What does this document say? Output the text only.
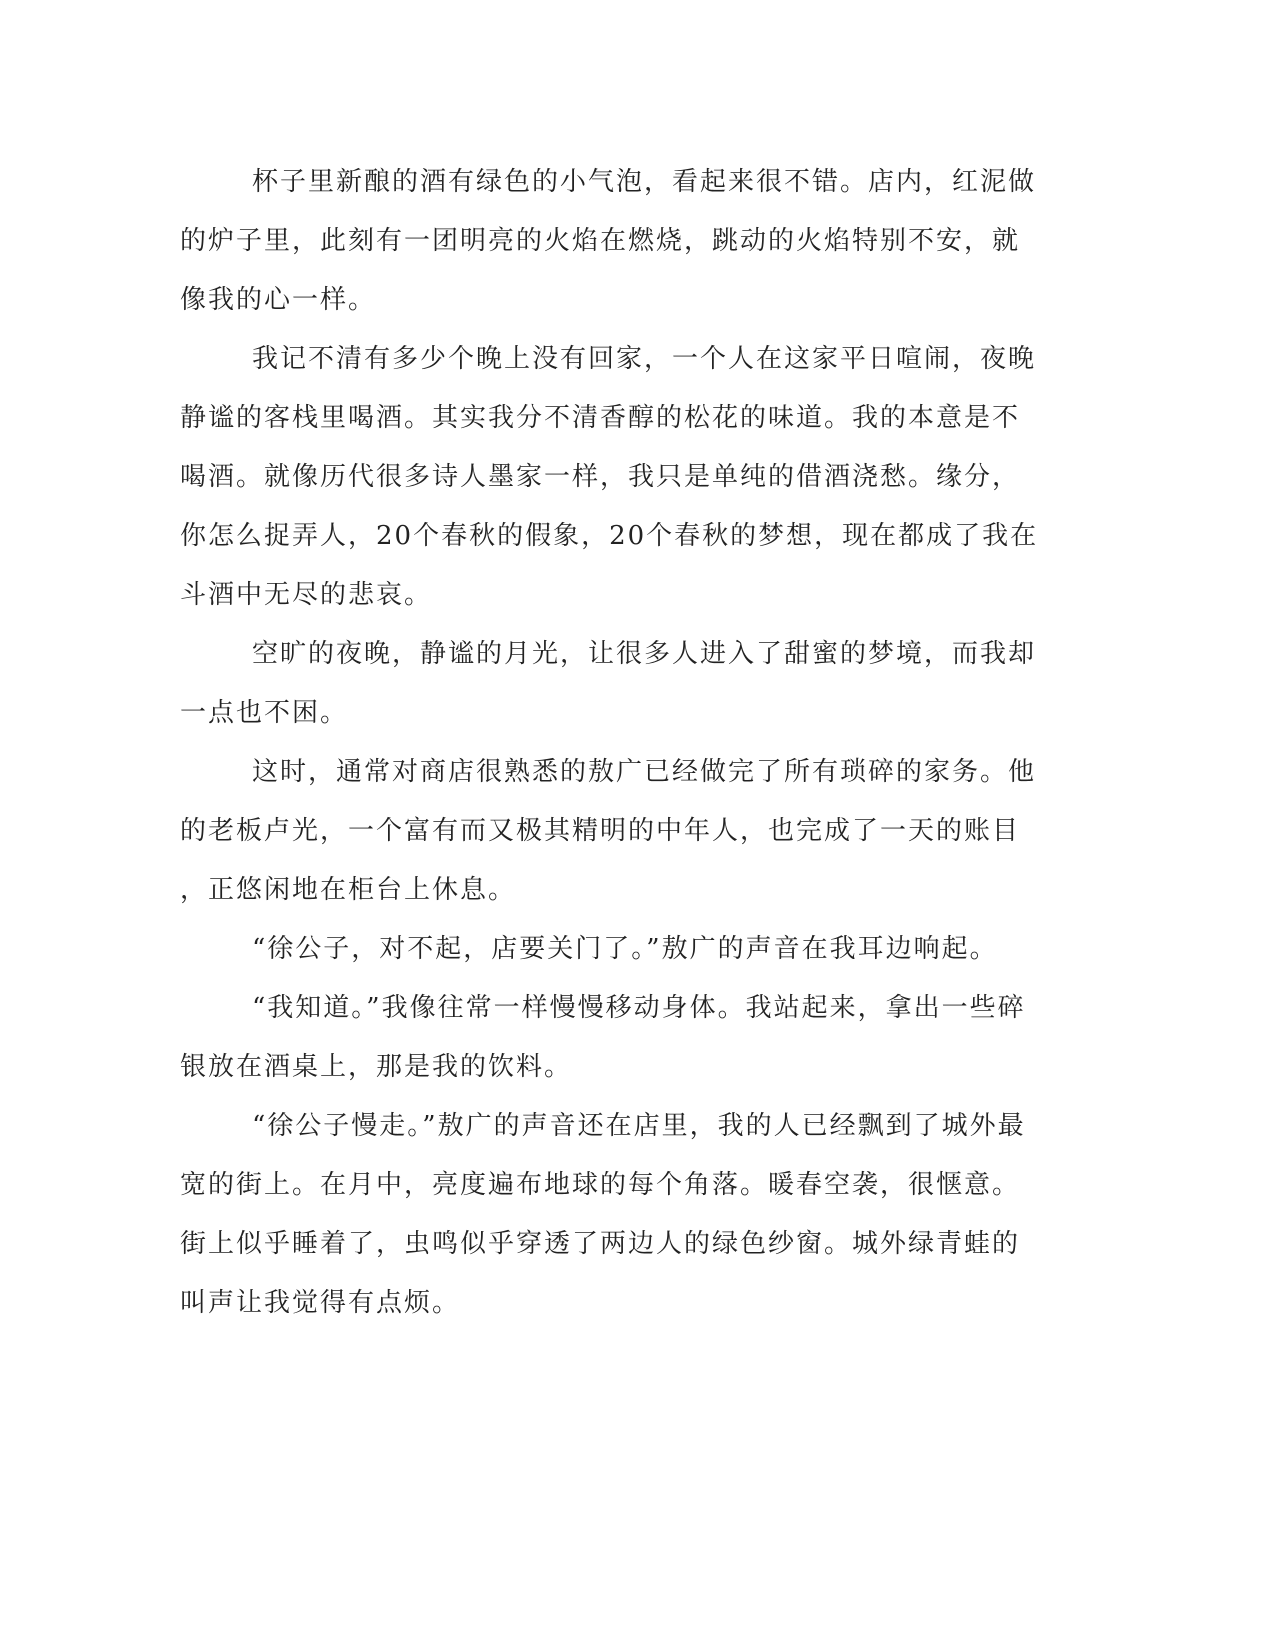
杯子里新酿的酒有绿色的小气泡，看起来很不错。店内，红泥做
的炉子里，此刻有一团明亮的火焰在燃烧，跳动的火焰特别不安，就
像我的心一样。
我记不清有多少个晚上没有回家，一个人在这家平日喧闹，夜晚
静谧的客栈里喝酒。其实我分不清香醇的松花的味道。我的本意是不
喝酒。就像历代很多诗人墨家一样，我只是单纯的借酒浇愁。缘分，
你怎么捉弄人，20个春秋的假象，20个春秋的梦想，现在都成了我在
斗酒中无尽的悲哀。
空旷的夜晚，静谧的月光，让很多人进入了甜蜜的梦境，而我却
一点也不困。
这时，通常对商店很熟悉的敖广已经做完了所有琐碎的家务。他
的老板卢光，一个富有而又极其精明的中年人，也完成了一天的账目
，正悠闲地在柜台上休息。
“徐公子，对不起，店要关门了。”敖广的声音在我耳边响起。
“我知道。”我像往常一样慢慢移动身体。我站起来，拿出一些碎
银放在酒桌上，那是我的饮料。
“徐公子慢走。”敖广的声音还在店里，我的人已经飘到了城外最
宽的街上。在月中，亮度遍布地球的每个角落。暖春空袭，很惬意。
街上似乎睡着了，虫鸣似乎穿透了两边人的绿色纱窗。城外绿青蛙的
叫声让我觉得有点烦。
